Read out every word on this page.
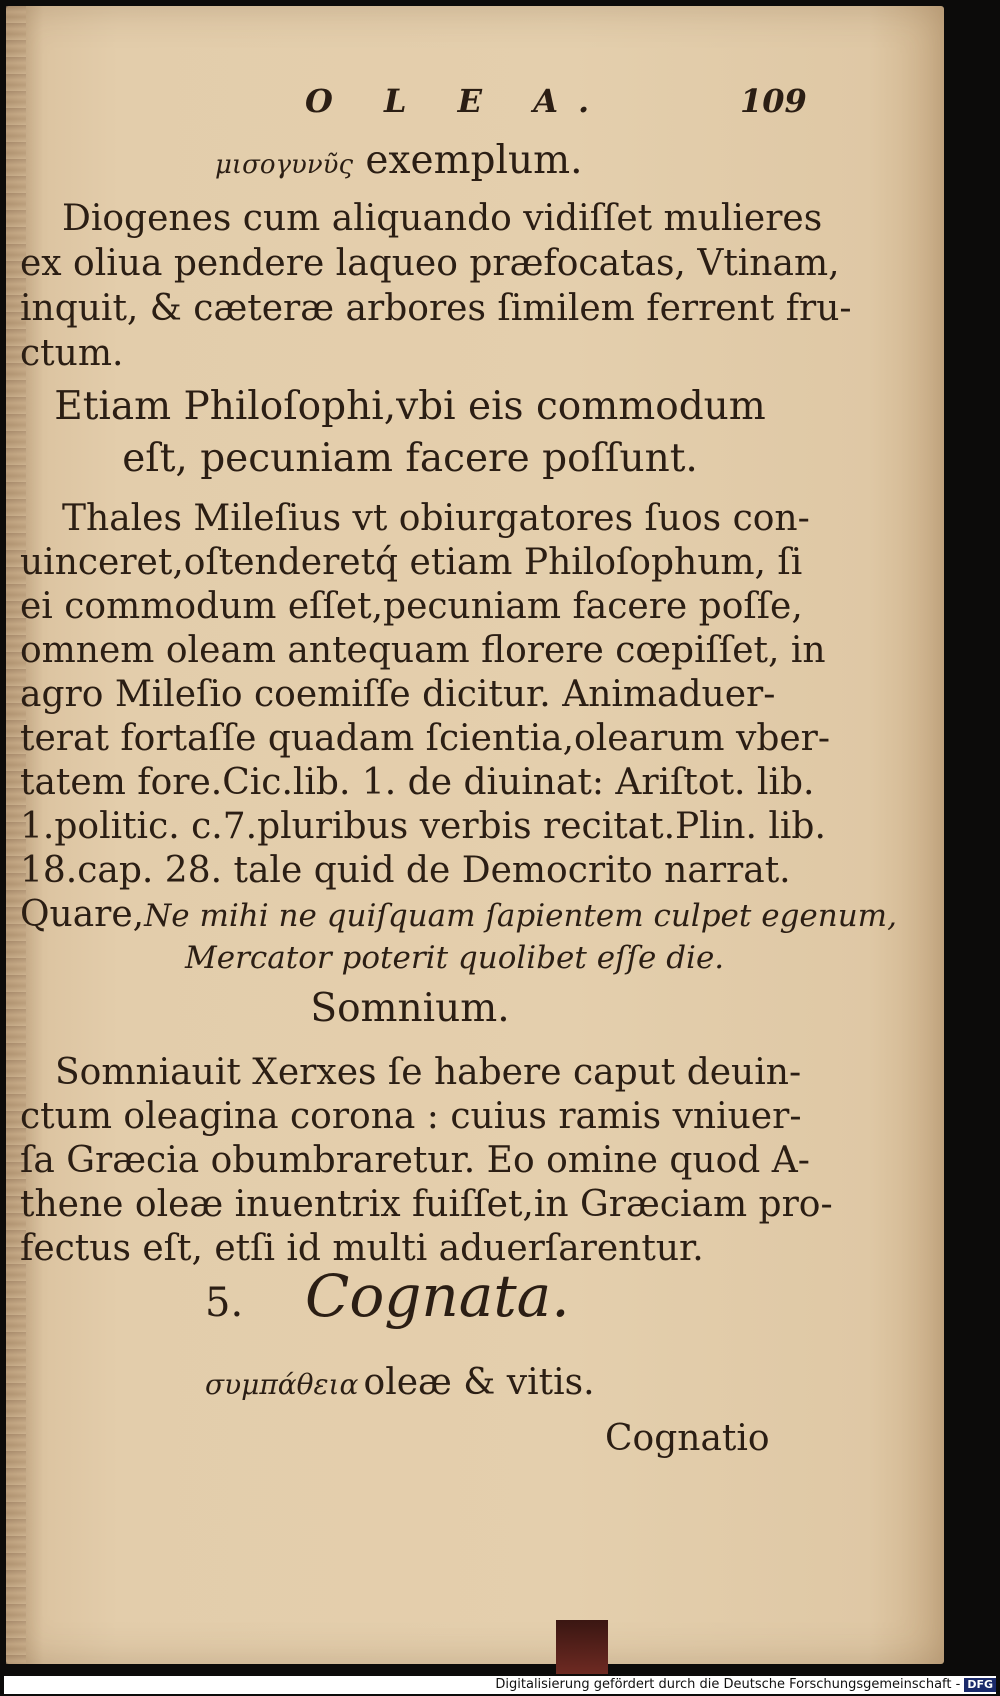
O L E A.	109
μισογυνῦς exemplum.
Diogenes cum aliquando vidiſſet mulieres
ex oliua pendere laqueo præfocatas, Vtinam,
inquit, & cæteræ arbores ſimilem ferrent fru-
ctum.
Etiam Philoſophi,vbi eis commodum
eſt, pecuniam facere poſſunt.
Thales Mileſius vt obiurgatores ſuos con-
uinceret,oſtenderetq́ etiam Philoſophum, ſi
ei commodum eſſet,pecuniam facere poſſe,
omnem oleam antequam florere cœpiſſet, in
agro Mileſio coemiſſe dicitur. Animaduer-
terat fortaſſe quadam ſcientia,olearum vber-
tatem fore.Cic.lib. 1. de diuinat: Ariſtot. lib.
1.politic. c.7.pluribus verbis recitat.Plin. lib.
18.cap. 28. tale quid de Democrito narrat.
Quare,Ne mihi ne quiſquam ſapientem culpet egenum,
Mercator poterit quolibet eſſe die.
Somnium.
Somniauit Xerxes ſe habere caput deuin-
ctum oleagina corona : cuius ramis vniuer-
ſa Græcia obumbraretur. Eo omine quod A-
thene oleæ inuentrix fuiſſet,in Græciam pro-
fectus eſt, etſi id multi aduerſarentur.
5. Cognata.
συμπάθεια oleæ & vitis.
Cognatio
Digitalisierung gefördert durch die Deutsche Forschungsgemeinschaft - DFG
